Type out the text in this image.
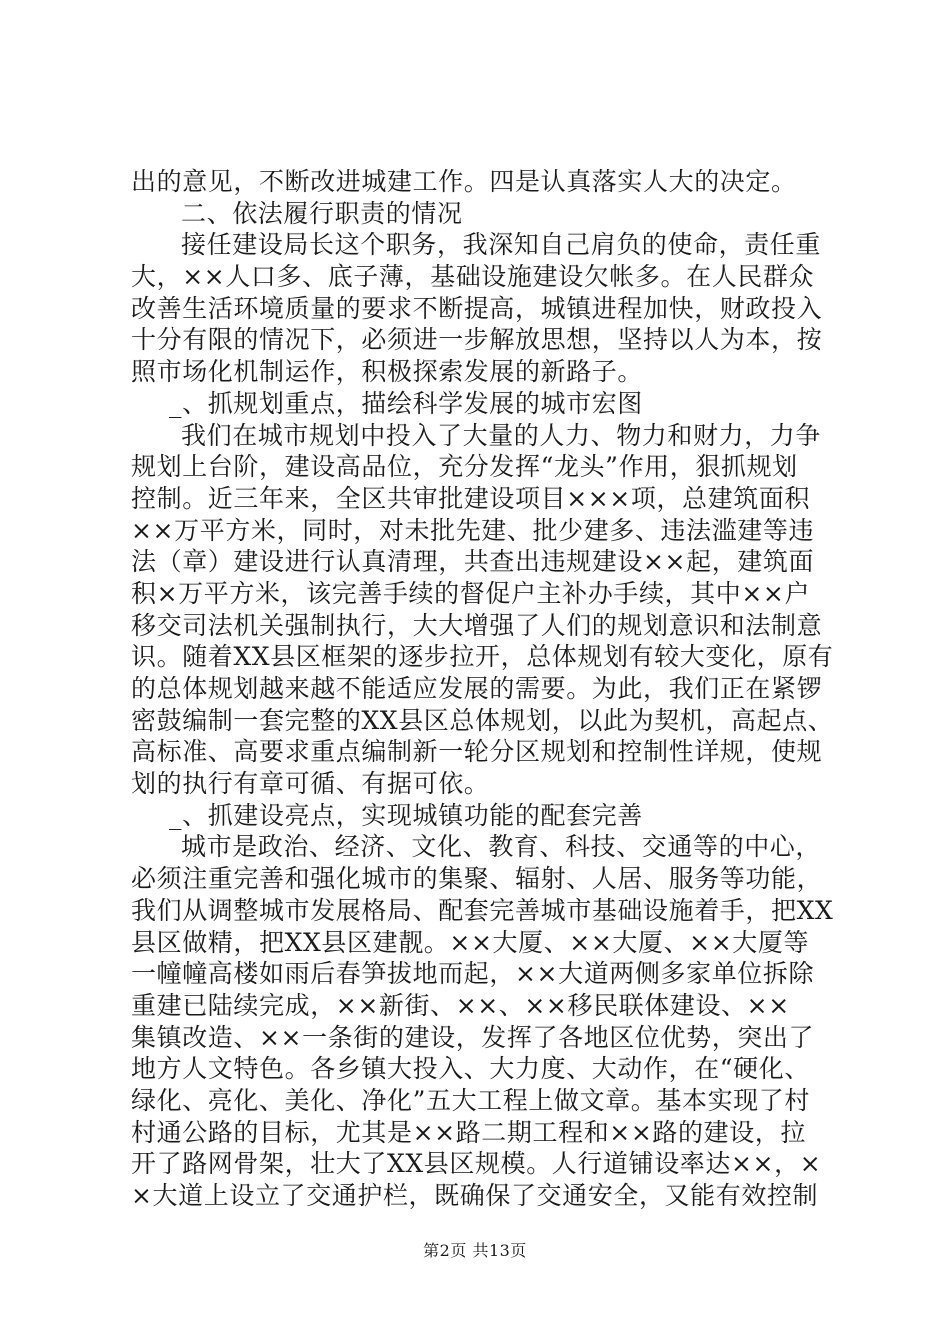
出的意见，不断改进城建工作。四是认真落实人大的决定。
二、依法履行职责的情况
接任建设局长这个职务，我深知自己肩负的使命，责任重
大，××人口多、底子薄，基础设施建设欠帐多。在人民群众
改善生活环境质量的要求不断提高，城镇进程加快，财政投入
十分有限的情况下，必须进一步解放思想，坚持以人为本，按
照市场化机制运作，积极探索发展的新路子。
_、抓规划重点，描绘科学发展的城市宏图
我们在城市规划中投入了大量的人力、物力和财力，力争
规划上台阶，建设高品位，充分发挥“龙头”作用，狠抓规划
控制。近三年来，全区共审批建设项目×××项，总建筑面积
××万平方米，同时，对未批先建、批少建多、违法滥建等违
法（章）建设进行认真清理，共查出违规建设××起，建筑面
积×万平方米，该完善手续的督促户主补办手续，其中××户
移交司法机关强制执行，大大增强了人们的规划意识和法制意
识。随着XX县区框架的逐步拉开，总体规划有较大变化，原有
的总体规划越来越不能适应发展的需要。为此，我们正在紧锣
密鼓编制一套完整的XX县区总体规划，以此为契机，高起点、
高标准、高要求重点编制新一轮分区规划和控制性详规，使规
划的执行有章可循、有据可依。
_、抓建设亮点，实现城镇功能的配套完善
城市是政治、经济、文化、教育、科技、交通等的中心，
必须注重完善和强化城市的集聚、辐射、人居、服务等功能，
我们从调整城市发展格局、配套完善城市基础设施着手，把XX
县区做精，把XX县区建靓。××大厦、××大厦、××大厦等
一幢幢高楼如雨后春笋拔地而起，××大道两侧多家单位拆除
重建已陆续完成，××新街、××、××移民联体建设、××
集镇改造、××一条街的建设，发挥了各地区位优势，突出了
地方人文特色。各乡镇大投入、大力度、大动作，在“硬化、
绿化、亮化、美化、净化”五大工程上做文章。基本实现了村
村通公路的目标，尤其是××路二期工程和××路的建设，拉
开了路网骨架，壮大了XX县区规模。人行道铺设率达××，×
×大道上设立了交通护栏，既确保了交通安全，又能有效控制
第2页 共13页
